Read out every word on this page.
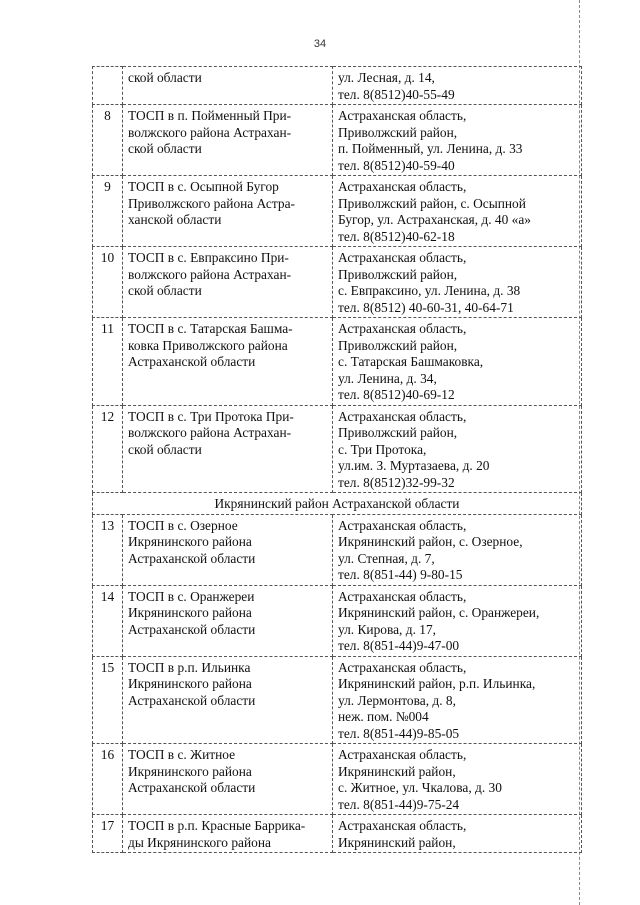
34

	ской области	ул. Лесная, д. 14,
тел. 8(8512)40-55-49

8	ТОСП в п. Пойменный При-
волжского района Астрахан-
ской области	Астраханская область,
Приволжский район,
п. Пойменный, ул. Ленина, д. 33
тел. 8(8512)40-59-40

9	ТОСП в с. Осыпной Бугор
Приволжского района Астра-
ханской области	Астраханская область,
Приволжский район, с. Осыпной
Бугор, ул. Астраханская, д. 40 «а»
тел. 8(8512)40-62-18

10	ТОСП в с. Евпраксино При-
волжского района Астрахан-
ской области	Астраханская область,
Приволжский район,
с. Евпраксино, ул. Ленина, д. 38
тел. 8(8512) 40-60-31, 40-64-71

11	ТОСП в с. Татарская Башма-
ковка Приволжского района
Астраханской области	Астраханская область,
Приволжский район,
с. Татарская Башмаковка,
ул. Ленина, д. 34,
тел. 8(8512)40-69-12

12	ТОСП в с. Три Протока При-
волжского района Астрахан-
ской области	Астраханская область,
Приволжский район,
с. Три Протока,
ул.им. З. Муртазаева, д. 20
тел. 8(8512)32-99-32

Икрянинский район Астраханской области		
13	ТОСП в с. Озерное
Икрянинского района
Астраханской области	Астраханская область,
Икрянинский район, с. Озерное,
ул. Степная, д. 7,
тел. 8(851-44) 9-80-15

14	ТОСП в с. Оранжереи
Икрянинского района
Астраханской области	Астраханская область,
Икрянинский район, с. Оранжереи,
ул. Кирова, д. 17,
тел. 8(851-44)9-47-00

15	ТОСП в р.п. Ильинка
Икрянинского района
Астраханской области	Астраханская область,
Икрянинский район, р.п. Ильинка,
ул. Лермонтова, д. 8,
неж. пом. №004
тел. 8(851-44)9-85-05

16	ТОСП в с. Житное
Икрянинского района
Астраханской области	Астраханская область,
Икрянинский район,
с. Житное, ул. Чкалова, д. 30
тел. 8(851-44)9-75-24

17	ТОСП в р.п. Красные Баррика-
ды Икрянинского района	Астраханская область,
Икрянинский район,
